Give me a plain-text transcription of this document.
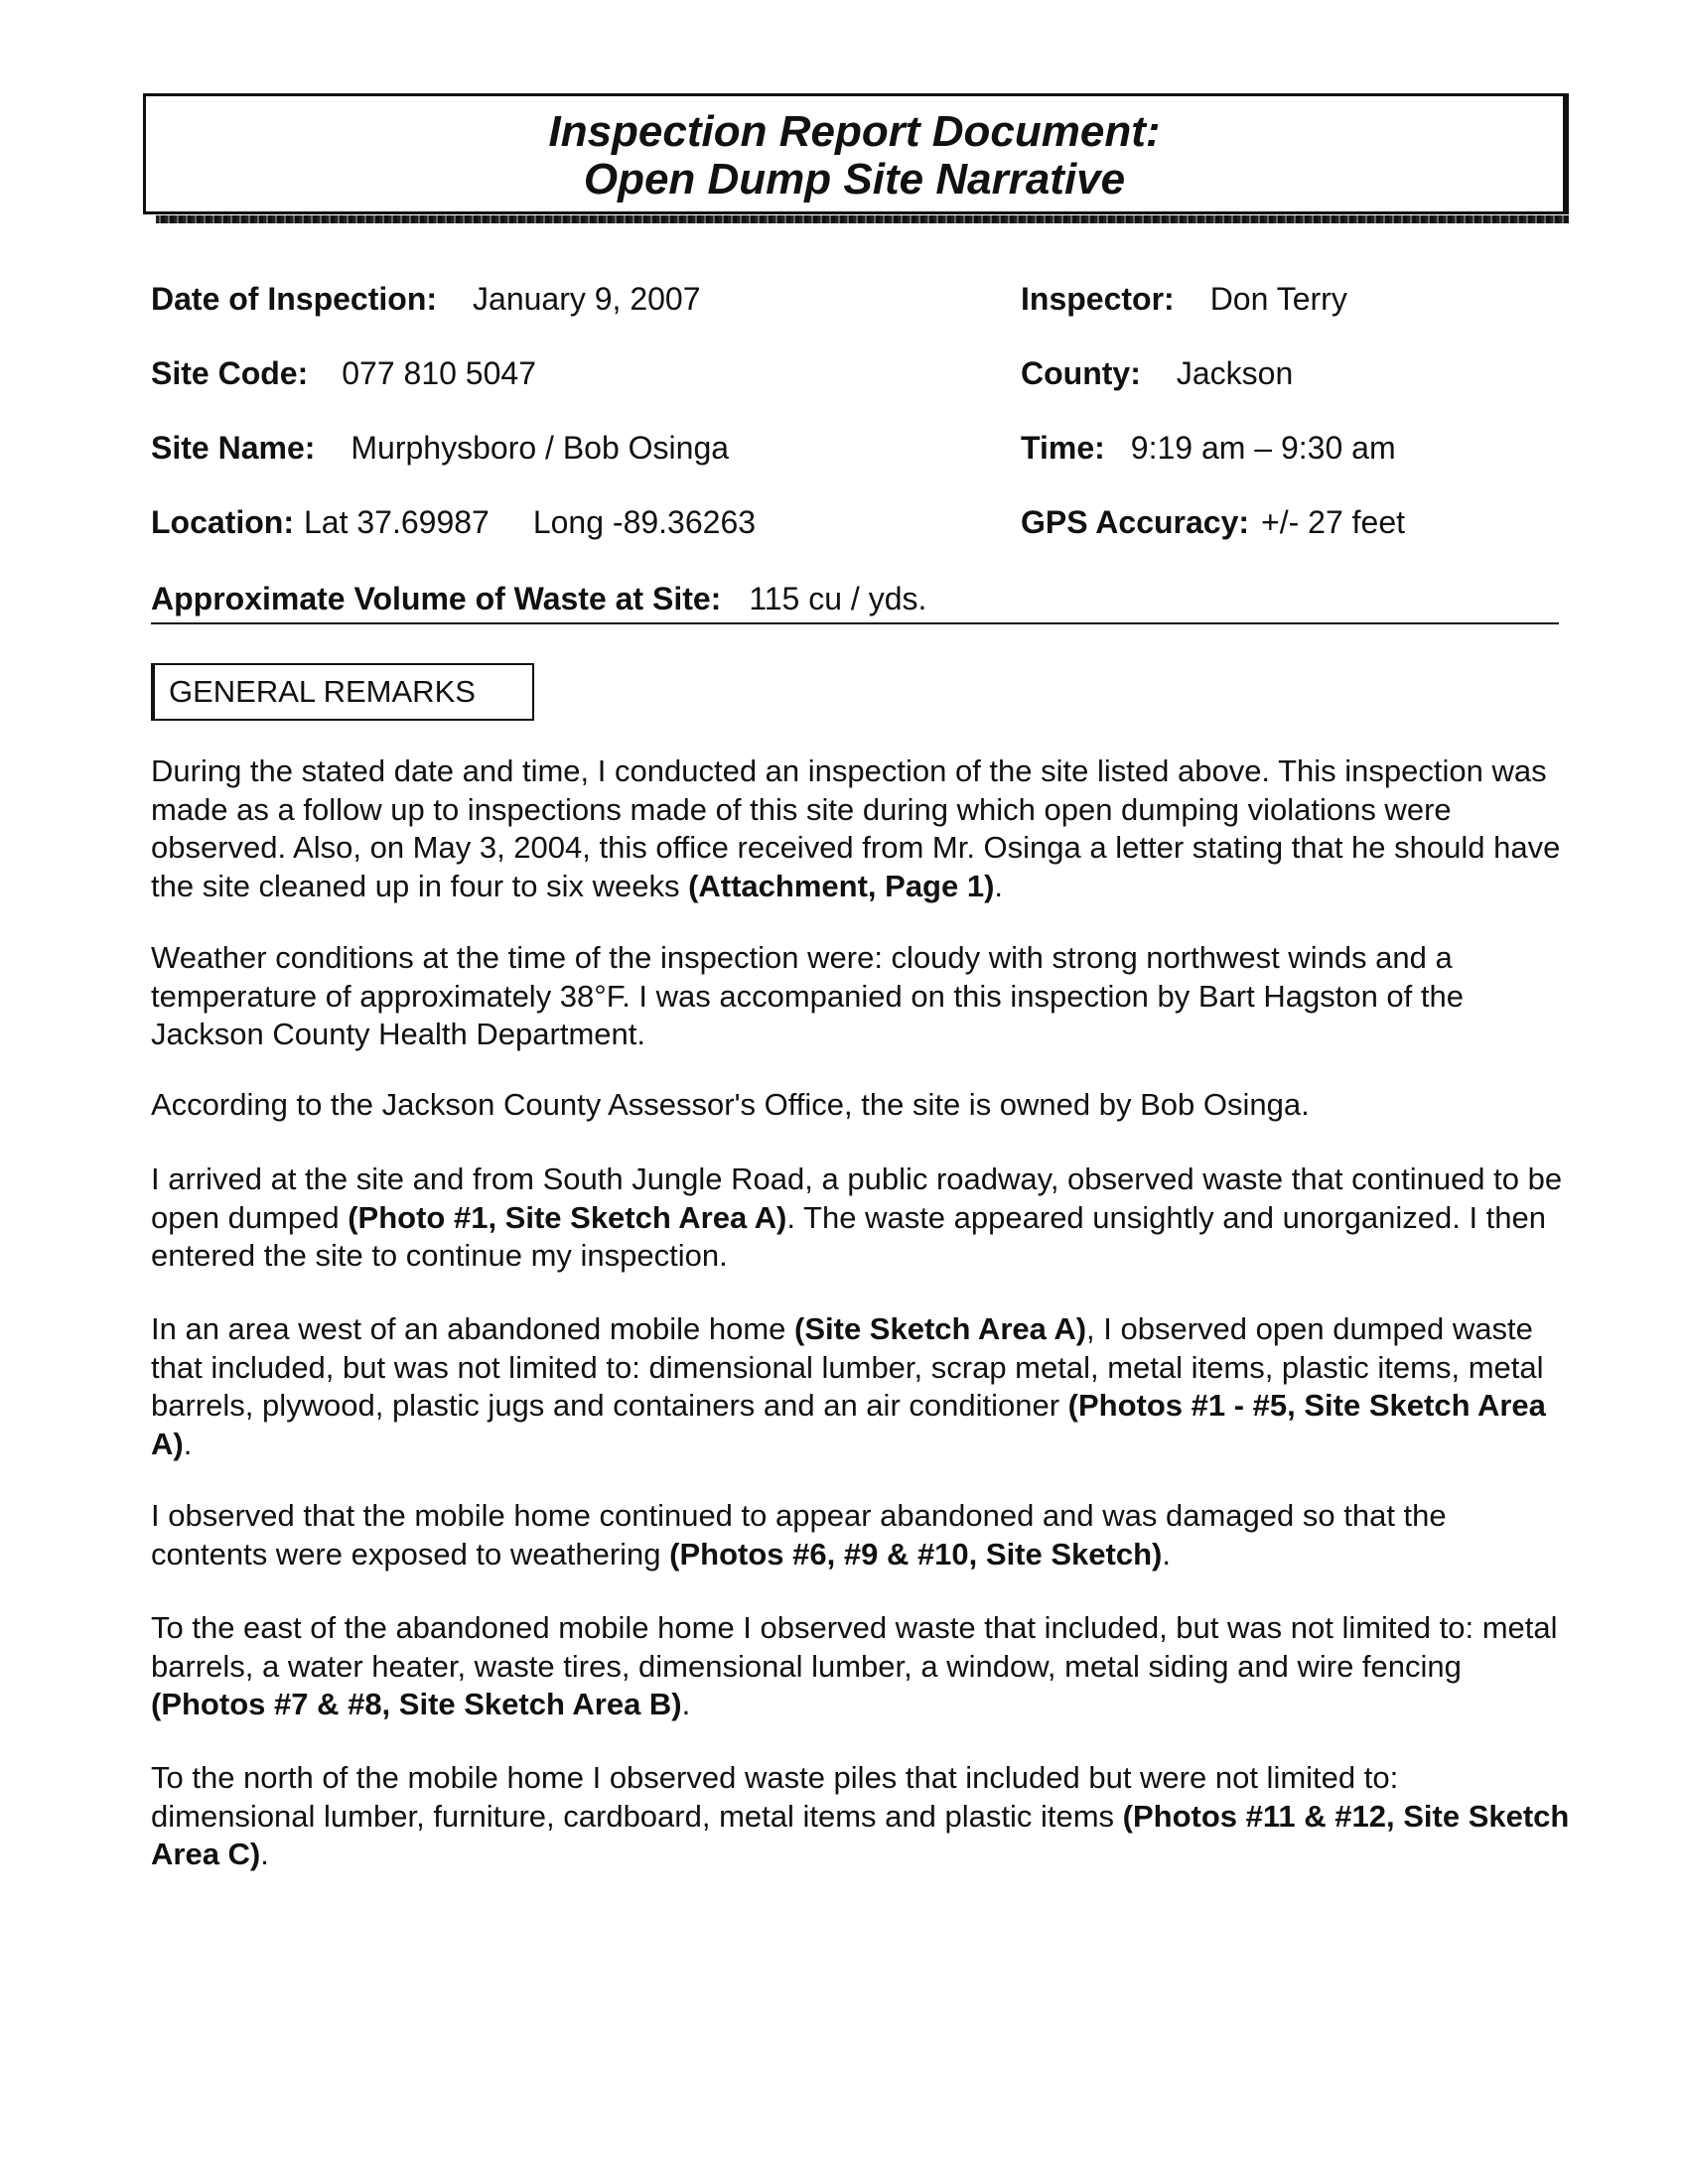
Inspection Report Document:
Open Dump Site Narrative
Date of Inspection: January 9, 2007
Site Code: 077 810 5047
Site Name: Murphysboro / Bob Osinga
Location: Lat 37.69987 Long -89.36263
Approximate Volume of Waste at Site: 115 cu / yds.
Inspector: Don Terry
County: Jackson
Time: 9:19 am – 9:30 am
GPS Accuracy: +/- 27 feet
GENERAL REMARKS

During the stated date and time, I conducted an inspection of the site listed above. This inspection was made as a follow up to inspections made of this site during which open dumping violations were observed. Also, on May 3, 2004, this office received from Mr. Osinga a letter stating that he should have the site cleaned up in four to six weeks (Attachment, Page 1).

Weather conditions at the time of the inspection were: cloudy with strong northwest winds and a temperature of approximately 38°F. I was accompanied on this inspection by Bart Hagston of the Jackson County Health Department.

According to the Jackson County Assessor's Office, the site is owned by Bob Osinga.

I arrived at the site and from South Jungle Road, a public roadway, observed waste that continued to be open dumped (Photo #1, Site Sketch Area A). The waste appeared unsightly and unorganized. I then entered the site to continue my inspection.

In an area west of an abandoned mobile home (Site Sketch Area A), I observed open dumped waste that included, but was not limited to: dimensional lumber, scrap metal, metal items, plastic items, metal barrels, plywood, plastic jugs and containers and an air conditioner (Photos #1 - #5, Site Sketch Area A).

I observed that the mobile home continued to appear abandoned and was damaged so that the contents were exposed to weathering (Photos #6, #9 & #10, Site Sketch).

To the east of the abandoned mobile home I observed waste that included, but was not limited to: metal barrels, a water heater, waste tires, dimensional lumber, a window, metal siding and wire fencing (Photos #7 & #8, Site Sketch Area B).

To the north of the mobile home I observed waste piles that included but were not limited to: dimensional lumber, furniture, cardboard, metal items and plastic items (Photos #11 & #12, Site Sketch Area C).
